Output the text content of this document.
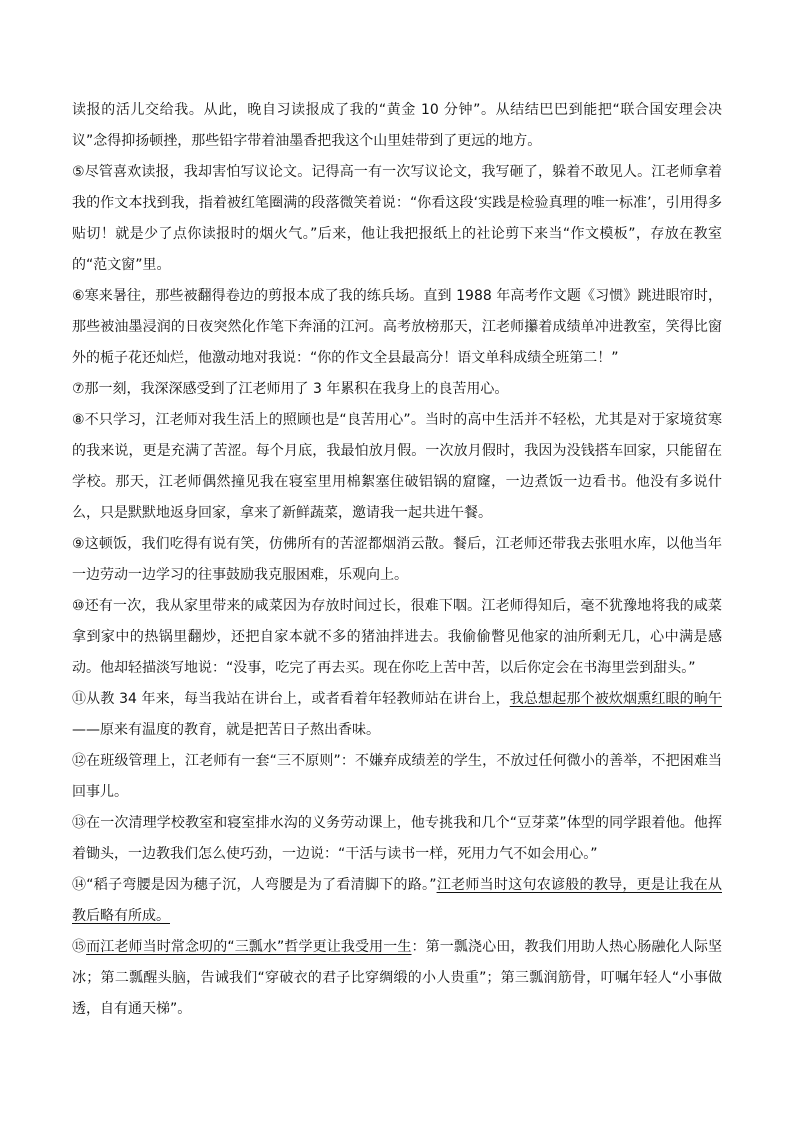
读报的活儿交给我。从此，晚自习读报成了我的“黄金 10 分钟”。从结结巴巴到能把“联合国安理会决议”念得抑扬顿挫，那些铅字带着油墨香把我这个山里娃带到了更远的地方。

⑤尽管喜欢读报，我却害怕写议论文。记得高一有一次写议论文，我写砸了，躲着不敢见人。江老师拿着我的作文本找到我，指着被红笔圈满的段落微笑着说：“你看这段‘实践是检验真理的唯一标准’，引用得多贴切！就是少了点你读报时的烟火气。”后来，他让我把报纸上的社论剪下来当“作文模板”，存放在教室的“范文窗”里。

⑥寒来暑往，那些被翻得卷边的剪报本成了我的练兵场。直到 1988 年高考作文题《习惯》跳进眼帘时，那些被油墨浸润的日夜突然化作笔下奔涌的江河。高考放榜那天，江老师攥着成绩单冲进教室，笑得比窗外的栀子花还灿烂，他激动地对我说：“你的作文全县最高分！语文单科成绩全班第二！”

⑦那一刻，我深深感受到了江老师用了 3 年累积在我身上的良苦用心。

⑧不只学习，江老师对我生活上的照顾也是“良苦用心”。当时的高中生活并不轻松，尤其是对于家境贫寒的我来说，更是充满了苦涩。每个月底，我最怕放月假。一次放月假时，我因为没钱搭车回家，只能留在学校。那天，江老师偶然撞见我在寝室里用棉絮塞住破铝锅的窟窿，一边煮饭一边看书。他没有多说什么，只是默默地返身回家，拿来了新鲜蔬菜，邀请我一起共进午餐。

⑨这顿饭，我们吃得有说有笑，仿佛所有的苦涩都烟消云散。餐后，江老师还带我去张咀水库，以他当年一边劳动一边学习的往事鼓励我克服困难，乐观向上。

⑩还有一次，我从家里带来的咸菜因为存放时间过长，很难下咽。江老师得知后，毫不犹豫地将我的咸菜拿到家中的热锅里翻炒，还把自家本就不多的猪油拌进去。我偷偷瞥见他家的油所剩无几，心中满是感动。他却轻描淡写地说：“没事，吃完了再去买。现在你吃上苦中苦，以后你定会在书海里尝到甜头。”

⑪从教 34 年来，每当我站在讲台上，或者看着年轻教师站在讲台上，我总想起那个被炊烟熏红眼的晌午——原来有温度的教育，就是把苦日子熬出香味。

⑫在班级管理上，江老师有一套“三不原则”：不嫌弃成绩差的学生，不放过任何微小的善举，不把困难当回事儿。

⑬在一次清理学校教室和寝室排水沟的义务劳动课上，他专挑我和几个“豆芽菜”体型的同学跟着他。他挥着锄头，一边教我们怎么使巧劲，一边说：“干活与读书一样，死用力气不如会用心。”

⑭“稻子弯腰是因为穗子沉，人弯腰是为了看清脚下的路。”江老师当时这句农谚般的教导，更是让我在从教后略有所成。

⑮而江老师当时常念叨的“三瓢水”哲学更让我受用一生：第一瓢浇心田，教我们用助人热心肠融化人际坚冰；第二瓢醒头脑，告诫我们“穿破衣的君子比穿绸缎的小人贵重”；第三瓢润筋骨，叮嘱年轻人“小事做透，自有通天梯”。
